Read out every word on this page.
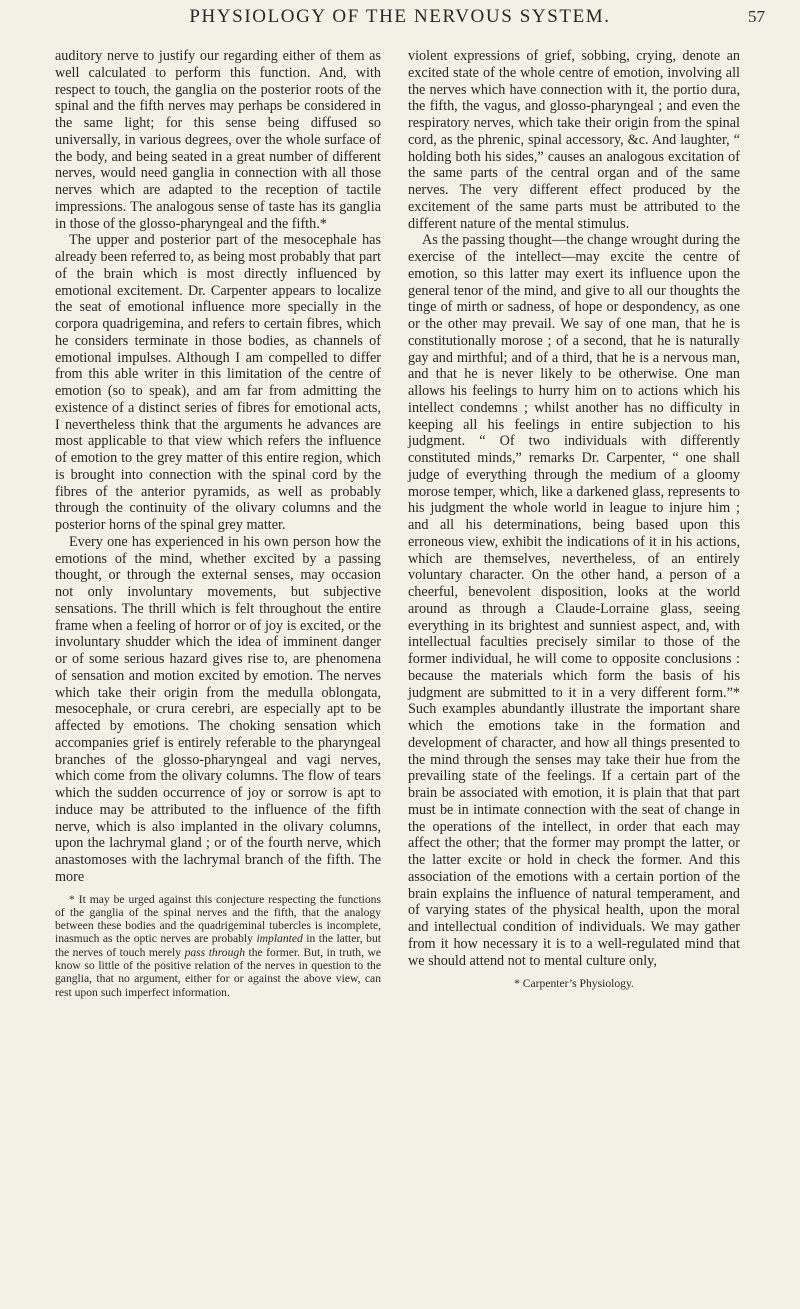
PHYSIOLOGY OF THE NERVOUS SYSTEM.	57

auditory nerve to justify our regarding either of them as well calculated to perform this function. And, with respect to touch, the ganglia on the posterior roots of the spinal and the fifth nerves may perhaps be considered in the same light; for this sense being diffused so universally, in various degrees, over the whole surface of the body, and being seated in a great number of different nerves, would need ganglia in connection with all those nerves which are adapted to the reception of tactile impressions. The analogous sense of taste has its ganglia in those of the glosso-pharyngeal and the fifth.*

The upper and posterior part of the mesocephale has already been referred to, as being most probably that part of the brain which is most directly influenced by emotional excitement. Dr. Carpenter appears to localize the seat of emotional influence more specially in the corpora quadrigemina, and refers to certain fibres, which he considers terminate in those bodies, as channels of emotional impulses. Although I am compelled to differ from this able writer in this limitation of the centre of emotion (so to speak), and am far from admitting the existence of a distinct series of fibres for emotional acts, I nevertheless think that the arguments he advances are most applicable to that view which refers the influence of emotion to the grey matter of this entire region, which is brought into connection with the spinal cord by the fibres of the anterior pyramids, as well as probably through the continuity of the olivary columns and the posterior horns of the spinal grey matter.

Every one has experienced in his own person how the emotions of the mind, whether excited by a passing thought, or through the external senses, may occasion not only involuntary movements, but subjective sensations. The thrill which is felt throughout the entire frame when a feeling of horror or of joy is excited, or the involuntary shudder which the idea of imminent danger or of some serious hazard gives rise to, are phenomena of sensation and motion excited by emotion. The nerves which take their origin from the medulla oblongata, mesocephale, or crura cerebri, are especially apt to be affected by emotions. The choking sensation which accompanies grief is entirely referable to the pharyngeal branches of the glosso-pharyngeal and vagi nerves, which come from the olivary columns. The flow of tears which the sudden occurrence of joy or sorrow is apt to induce may be attributed to the influence of the fifth nerve, which is also implanted in the olivary columns, upon the lachrymal gland ; or of the fourth nerve, which anastomoses with the lachrymal branch of the fifth. The more

* It may be urged against this conjecture respecting the functions of the ganglia of the spinal nerves and the fifth, that the analogy between these bodies and the quadrigeminal tubercles is incomplete, inasmuch as the optic nerves are probably implanted in the latter, but the nerves of touch merely pass through the former. But, in truth, we know so little of the positive relation of the nerves in question to the ganglia, that no argument, either for or against the above view, can rest upon such imperfect information.

violent expressions of grief, sobbing, crying, denote an excited state of the whole centre of emotion, involving all the nerves which have connection with it, the portio dura, the fifth, the vagus, and glosso-pharyngeal ; and even the respiratory nerves, which take their origin from the spinal cord, as the phrenic, spinal accessory, &c. And laughter, “ holding both his sides,” causes an analogous excitation of the same parts of the central organ and of the same nerves. The very different effect produced by the excitement of the same parts must be attributed to the different nature of the mental stimulus.

As the passing thought—the change wrought during the exercise of the intellect—may excite the centre of emotion, so this latter may exert its influence upon the general tenor of the mind, and give to all our thoughts the tinge of mirth or sadness, of hope or despondency, as one or the other may prevail. We say of one man, that he is constitutionally morose ; of a second, that he is naturally gay and mirthful; and of a third, that he is a nervous man, and that he is never likely to be otherwise. One man allows his feelings to hurry him on to actions which his intellect condemns ; whilst another has no difficulty in keeping all his feelings in entire subjection to his judgment. “ Of two individuals with differently constituted minds,” remarks Dr. Carpenter, “ one shall judge of everything through the medium of a gloomy morose temper, which, like a darkened glass, represents to his judgment the whole world in league to injure him ; and all his determinations, being based upon this erroneous view, exhibit the indications of it in his actions, which are themselves, nevertheless, of an entirely voluntary character. On the other hand, a person of a cheerful, benevolent disposition, looks at the world around as through a Claude-Lorraine glass, seeing everything in its brightest and sunniest aspect, and, with intellectual faculties precisely similar to those of the former individual, he will come to opposite conclusions : because the materials which form the basis of his judgment are submitted to it in a very different form.”* Such examples abundantly illustrate the important share which the emotions take in the formation and development of character, and how all things presented to the mind through the senses may take their hue from the prevailing state of the feelings. If a certain part of the brain be associated with emotion, it is plain that that part must be in intimate connection with the seat of change in the operations of the intellect, in order that each may affect the other; that the former may prompt the latter, or the latter excite or hold in check the former. And this association of the emotions with a certain portion of the brain explains the influence of natural temperament, and of varying states of the physical health, upon the moral and intellectual condition of individuals. We may gather from it how necessary it is to a well-regulated mind that we should attend not to mental culture only,

* Carpenter’s Physiology.
